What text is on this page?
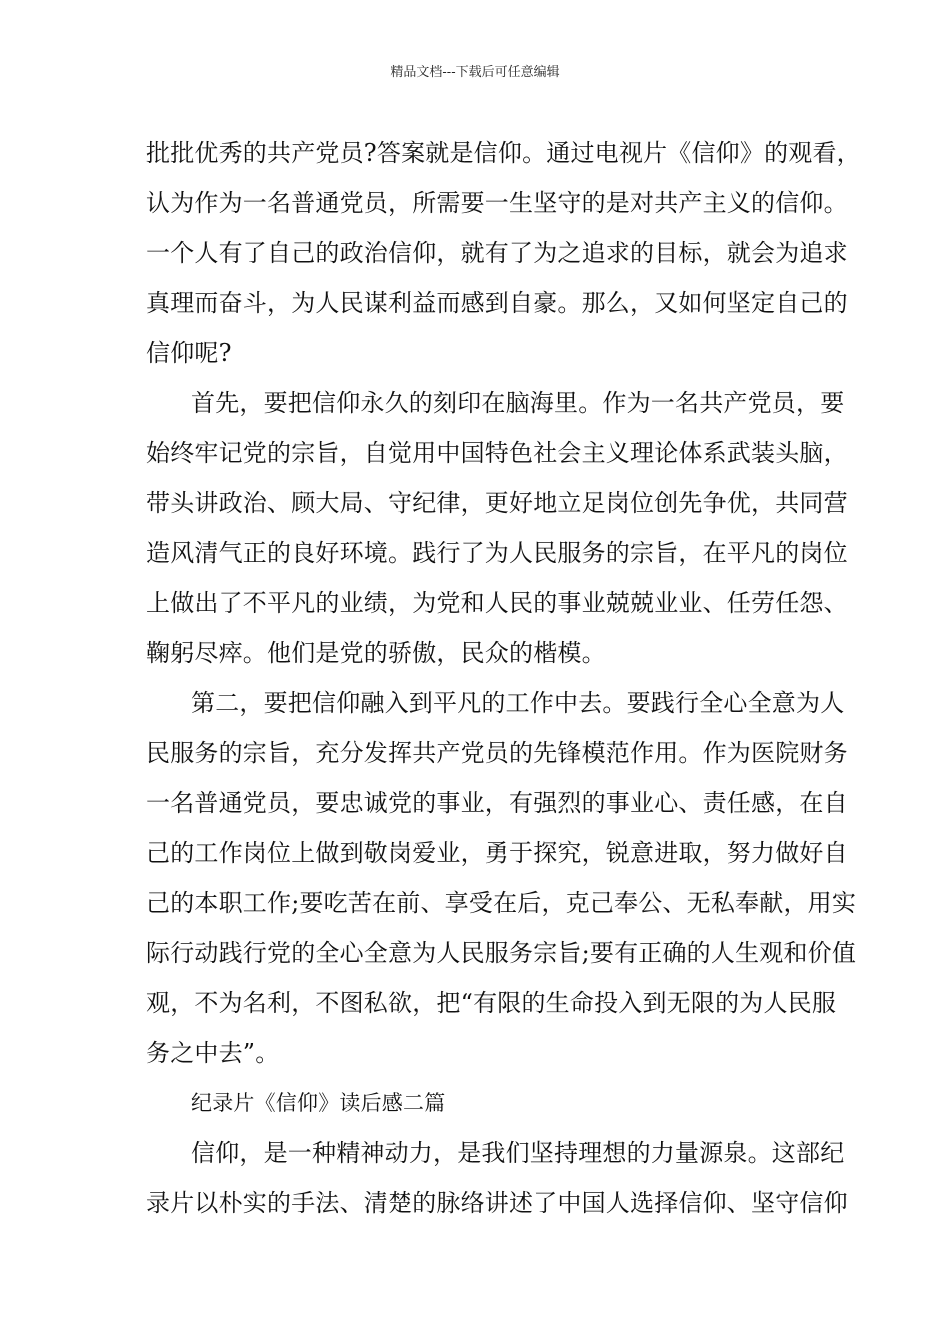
精品文档---下载后可任意编辑
批批优秀的共产党员?答案就是信仰。通过电视片《信仰》的观看，
认为作为一名普通党员，所需要一生坚守的是对共产主义的信仰。
一个人有了自己的政治信仰，就有了为之追求的目标，就会为追求
真理而奋斗，为人民谋利益而感到自豪。那么，又如何坚定自己的
信仰呢?
首先，要把信仰永久的刻印在脑海里。作为一名共产党员，要
始终牢记党的宗旨，自觉用中国特色社会主义理论体系武装头脑，
带头讲政治、顾大局、守纪律，更好地立足岗位创先争优，共同营
造风清气正的良好环境。践行了为人民服务的宗旨，在平凡的岗位
上做出了不平凡的业绩，为党和人民的事业兢兢业业、任劳任怨、
鞠躬尽瘁。他们是党的骄傲，民众的楷模。
第二，要把信仰融入到平凡的工作中去。要践行全心全意为人
民服务的宗旨，充分发挥共产党员的先锋模范作用。作为医院财务
一名普通党员，要忠诚党的事业，有强烈的事业心、责任感，在自
己的工作岗位上做到敬岗爱业，勇于探究，锐意进取，努力做好自
己的本职工作;要吃苦在前、享受在后，克己奉公、无私奉献，用实
际行动践行党的全心全意为人民服务宗旨;要有正确的人生观和价值
观，不为名利，不图私欲，把“有限的生命投入到无限的为人民服
务之中去”。
纪录片《信仰》读后感二篇
信仰，是一种精神动力，是我们坚持理想的力量源泉。这部纪
录片以朴实的手法、清楚的脉络讲述了中国人选择信仰、坚守信仰
